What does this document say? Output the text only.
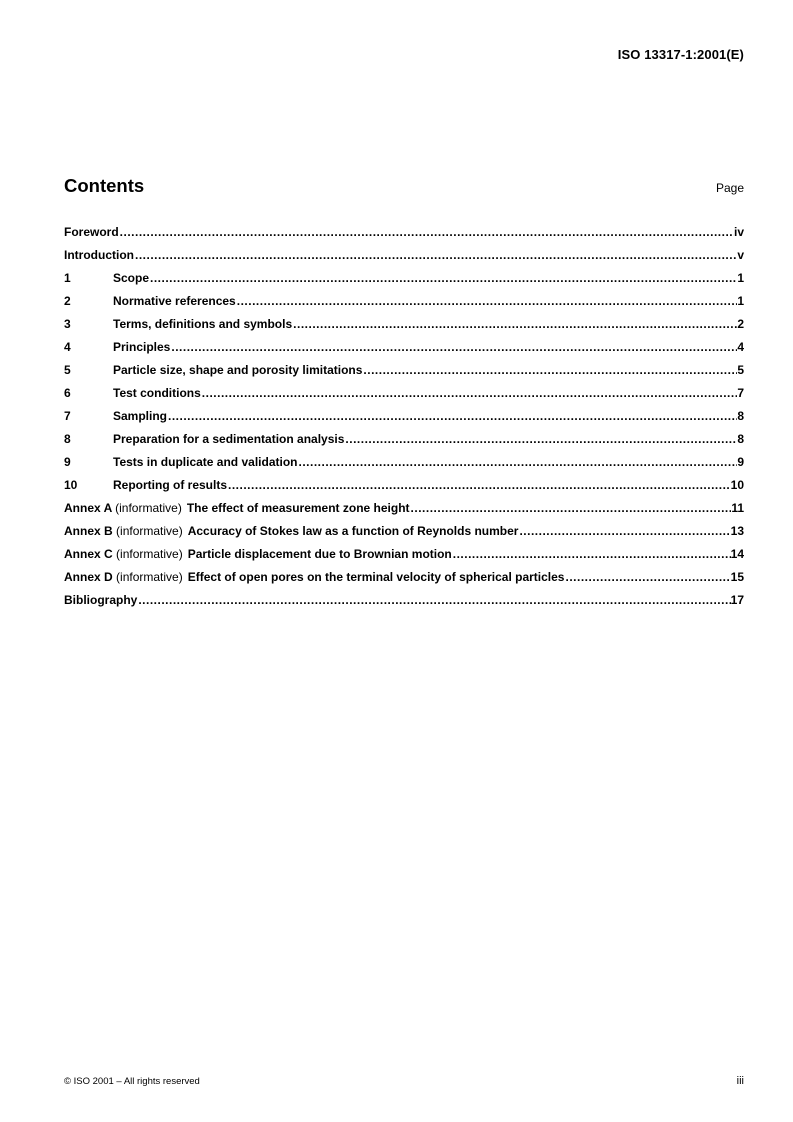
ISO 13317-1:2001(E)
Contents	Page
Foreword .....	iv
Introduction .....	v
1	Scope .....	1
2	Normative references .....	1
3	Terms, definitions and symbols .....	2
4	Principles .....	4
5	Particle size, shape and porosity limitations .....	5
6	Test conditions .....	7
7	Sampling .....	8
8	Preparation for a sedimentation analysis .....	8
9	Tests in duplicate and validation .....	9
10	Reporting of results .....	10
Annex A (informative) The effect of measurement zone height .....	11
Annex B (informative) Accuracy of Stokes law as a function of Reynolds number .....	13
Annex C (informative) Particle displacement due to Brownian motion .....	14
Annex D (informative) Effect of open pores on the terminal velocity of spherical particles .....	15
Bibliography .....	17
© ISO 2001 – All rights reserved	iii
